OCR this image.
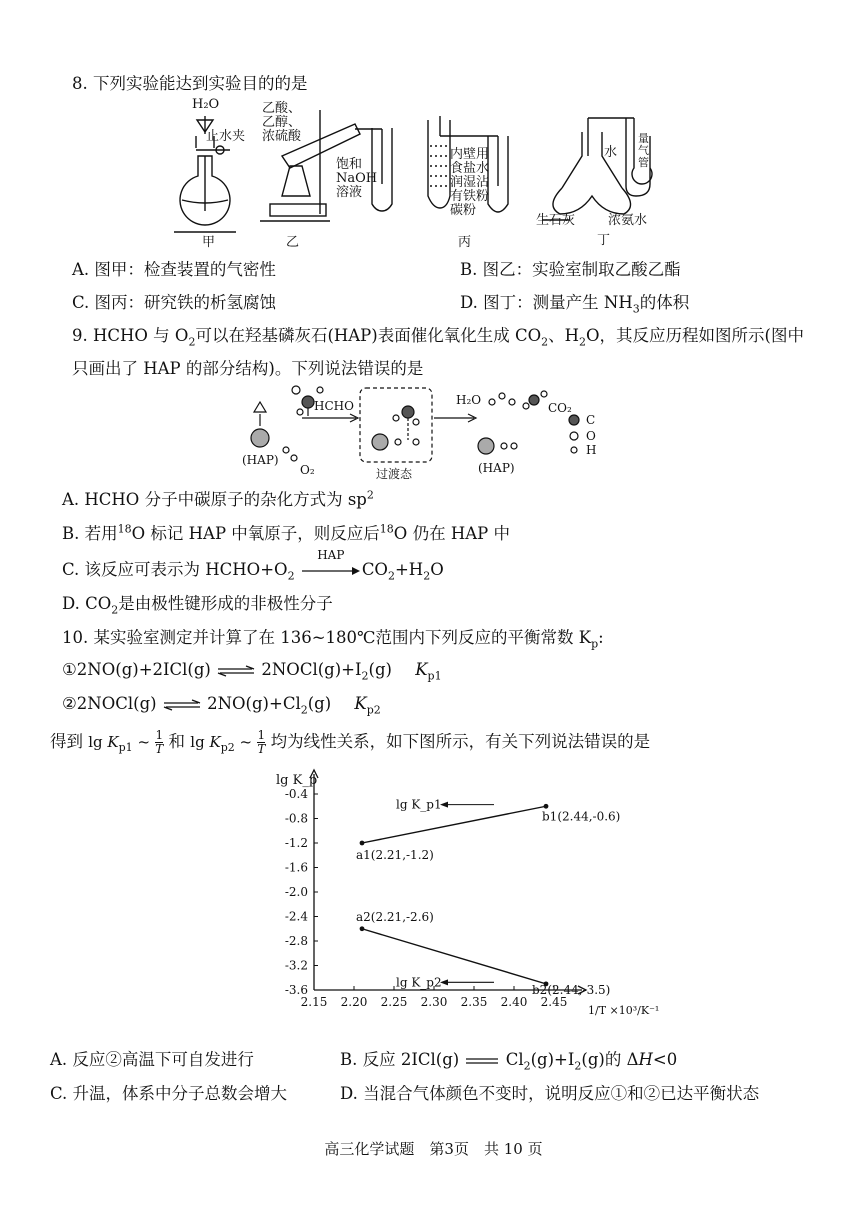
8. 下列实验能达到实验目的的是
H₂O
止水夹
甲
乙酸、
乙醇、
浓硫酸
饱和
NaOH
溶液
乙
内壁用
食盐水
润湿沾
有铁粉
碳粉
丙
水
量
气
管
生石灰	浓氨水
丁
A. 图甲：检查装置的气密性	B. 图乙：实验室制取乙酸乙酯
C. 图丙：研究铁的析氢腐蚀	D. 图丁：测量产生 $NH_3$的体积
9. HCHO 与 $O_2$可以在羟基磷灰石(HAP)表面催化氧化生成 $CO_2$、$H_2O$，其反应历程如图所示(图中
只画出了 HAP 的部分结构)。下列说法错误的是
(HAP)
O₂
HCHO
过渡态
H₂O
CO₂
(HAP)
C
O
H
A. HCHO 分子中碳原子的杂化方式为 $sp^2$
B. 若用$^{18}$O 标记 HAP 中氧原子，则反应后$^{18}$O 仍在 HAP 中
C. 该反应可表示为 $HCHO+O_2$
HAP
$CO_2+H_2O$
D. $CO_2$是由极性键形成的非极性分子
10. 某实验室测定并计算了在 136~180℃范围内下列反应的平衡常数 $K_p$:
①2NO(g)+2ICl(g)	$2NOCl(g)+I_2(g)$ $K_{p1}$
②2NOCl(g)	$2NO(g)+Cl_2(g)$ $K_{p2}$
得到 $\lg K_{p1}$ ~ $\frac{1}{T}$ 和 $\lg K_{p2}$ ~ $\frac{1}{T}$ 均为线性关系，如下图所示，有关下列说法错误的是
-0.4
-0.8
-1.2
-1.6
-2.0
-2.4
-2.8
-3.2
-3.6
2.15 2.20 2.25 2.30 2.35 2.40 2.45
lg K_p
1/T ×10³/K⁻¹
a1(2.21,-1.2)
b1(2.44,-0.6)
lg K_p1
a2(2.21,-2.6)
b2(2.44,-3.5)
lg K_p2
A. 反应②高温下可自发进行	B. 反应 2ICl(g)	$Cl_2(g)+I_2(g)$的 ΔH<0
C. 升温，体系中分子总数会增大	D. 当混合气体颜色不变时，说明反应①和②已达平衡状态
高三化学试题　第3页　共 10 页
